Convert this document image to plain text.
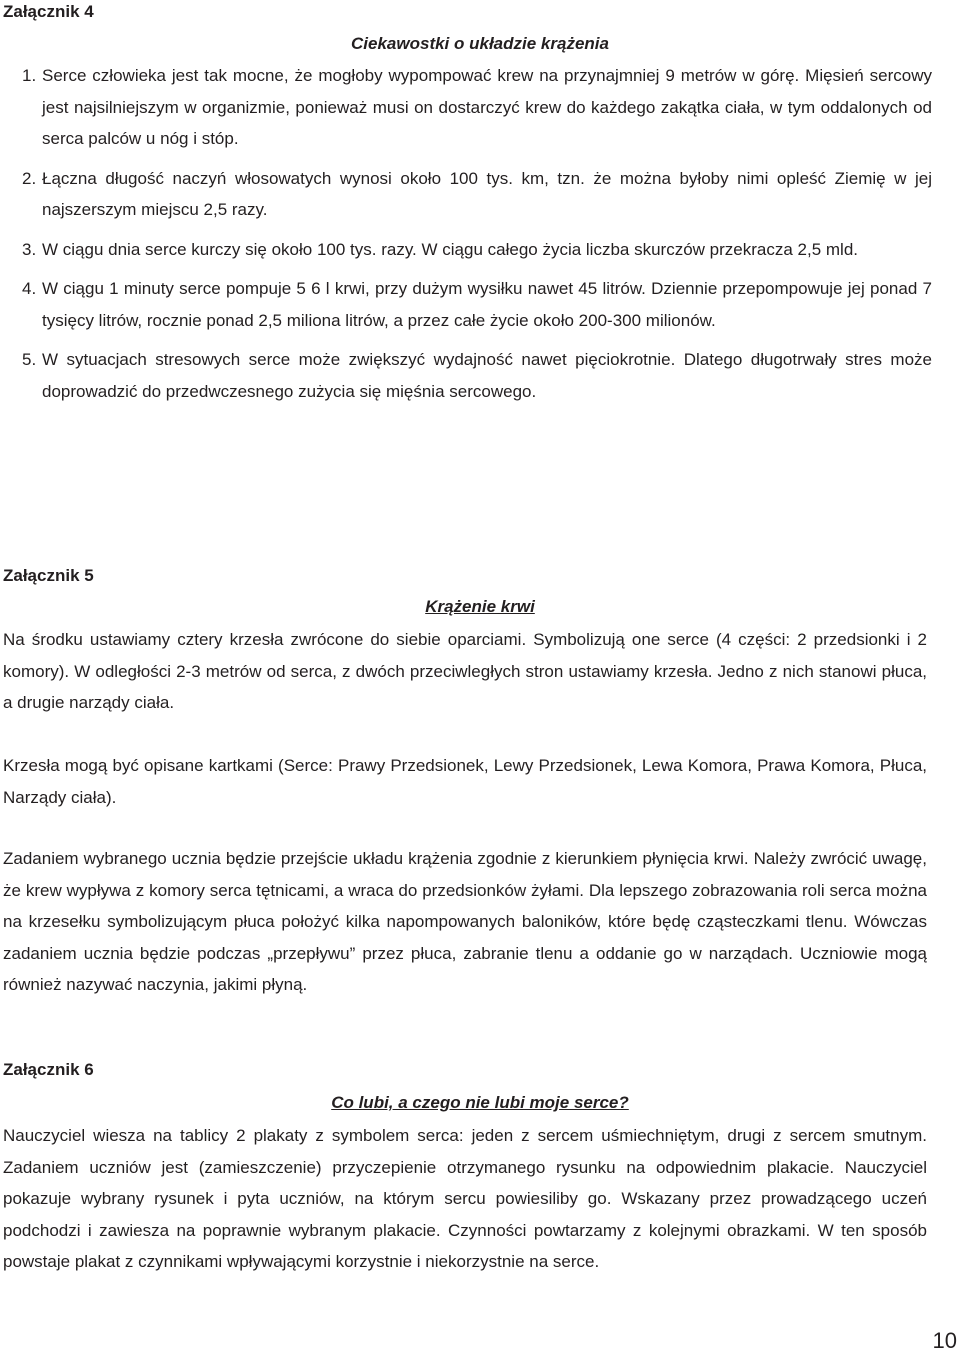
Załącznik 4
Ciekawostki o układzie krążenia
1. Serce człowieka jest tak mocne, że mogłoby wypompować krew na przynajmniej 9 metrów w górę. Mięsień sercowy jest najsilniejszym w organizmie, ponieważ musi on dostarczyć krew do każdego zakątka ciała, w tym oddalonych od serca palców u nóg i stóp.
2. Łączna długość naczyń włosowatych wynosi około 100 tys. km, tzn. że można byłoby nimi opleść Ziemię w jej najszerszym miejscu 2,5 razy.
3. W ciągu dnia serce kurczy się około 100 tys. razy. W ciągu całego życia liczba skurczów przekracza 2,5 mld.
4. W ciągu 1 minuty serce pompuje 5 6 l krwi, przy dużym wysiłku nawet 45 litrów. Dziennie przepompowuje jej ponad 7 tysięcy litrów, rocznie ponad 2,5 miliona litrów, a przez całe życie około 200-300 milionów.
5. W sytuacjach stresowych serce może zwiększyć wydajność nawet pięciokrotnie. Dlatego długotrwały stres może doprowadzić do przedwczesnego zużycia się mięśnia sercowego.
Załącznik 5
Krążenie krwi

Na środku ustawiamy cztery krzesła zwrócone do siebie oparciami. Symbolizują one serce (4 części: 2 przedsionki i 2 komory). W odległości 2-3 metrów od serca, z dwóch przeciwległych stron ustawiamy krzesła. Jedno z nich stanowi płuca, a drugie narządy ciała.

Krzesła mogą być opisane kartkami (Serce: Prawy Przedsionek, Lewy Przedsionek, Lewa Komora, Prawa Komora, Płuca, Narządy ciała).

Zadaniem wybranego ucznia będzie przejście układu krążenia zgodnie z kierunkiem płynięcia krwi. Należy zwrócić uwagę, że krew wypływa z komory serca tętnicami, a wraca do przedsionków żyłami. Dla lepszego zobrazowania roli serca można na krzesełku symbolizującym płuca położyć kilka napompowanych baloników, które będę cząsteczkami tlenu. Wówczas zadaniem ucznia będzie podczas „przepływu” przez płuca, zabranie tlenu a oddanie go w narządach. Uczniowie mogą również nazywać naczynia, jakimi płyną.

Załącznik 6
Co lubi, a czego nie lubi moje serce?

Nauczyciel wiesza na tablicy 2 plakaty z symbolem serca: jeden z sercem uśmiechniętym, drugi z sercem smutnym. Zadaniem uczniów jest (zamieszczenie) przyczepienie otrzymanego rysunku na odpowiednim plakacie. Nauczyciel pokazuje wybrany rysunek i pyta uczniów, na którym sercu powiesiliby go. Wskazany przez prowadzącego uczeń podchodzi i zawiesza na poprawnie wybranym plakacie. Czynności powtarzamy z kolejnymi obrazkami. W ten sposób powstaje plakat z czynnikami wpływającymi korzystnie i niekorzystnie na serce.

10
